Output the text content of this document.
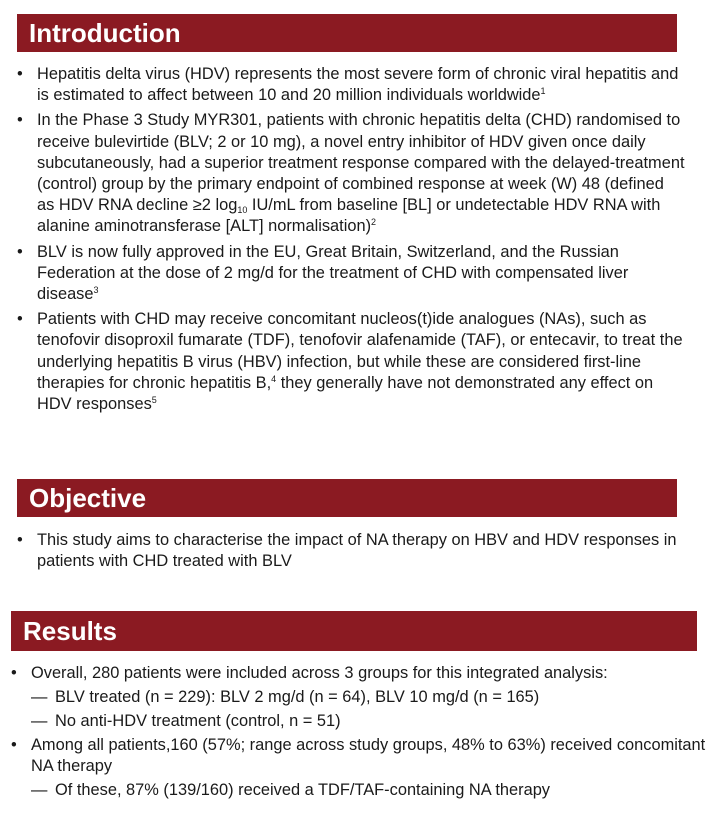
Introduction
• Hepatitis delta virus (HDV) represents the most severe form of chronic viral hepatitis and is estimated to affect between 10 and 20 million individuals worldwide$^1$
• In the Phase 3 Study MYR301, patients with chronic hepatitis delta (CHD) randomised to receive bulevirtide (BLV; 2 or 10 mg), a novel entry inhibitor of HDV given once daily subcutaneously, had a superior treatment response compared with the delayed-treatment (control) group by the primary endpoint of combined response at week (W) 48 (defined as HDV RNA decline ≥2 $\log_{10} IU/mL$ from baseline [BL] or undetectable HDV RNA with alanine aminotransferase [ALT] normalisation)$^2$
• BLV is now fully approved in the EU, Great Britain, Switzerland, and the Russian Federation at the dose of 2 mg/d for the treatment of CHD with compensated liver disease$^3$
• Patients with CHD may receive concomitant nucleos(t)ide analogues (NAs), such as tenofovir disoproxil fumarate (TDF), tenofovir alafenamide (TAF), or entecavir, to treat the underlying hepatitis B virus (HBV) infection, but while these are considered first-line therapies for chronic hepatitis B,$^4$ they generally have not demonstrated any effect on HDV responses$^5$
Objective
• This study aims to characterise the impact of NA therapy on HBV and HDV responses in patients with CHD treated with BLV
Results
• Overall, 280 patients were included across 3 groups for this integrated analysis:
— BLV treated (n = 229): BLV 2 mg/d (n = 64), BLV 10 mg/d (n = 165)
— No anti-HDV treatment (control, n = 51)
• Among all patients,160 (57%; range across study groups, 48% to 63%) received concomitant NA therapy
— Of these, 87% (139/160) received a TDF/TAF-containing NA therapy
